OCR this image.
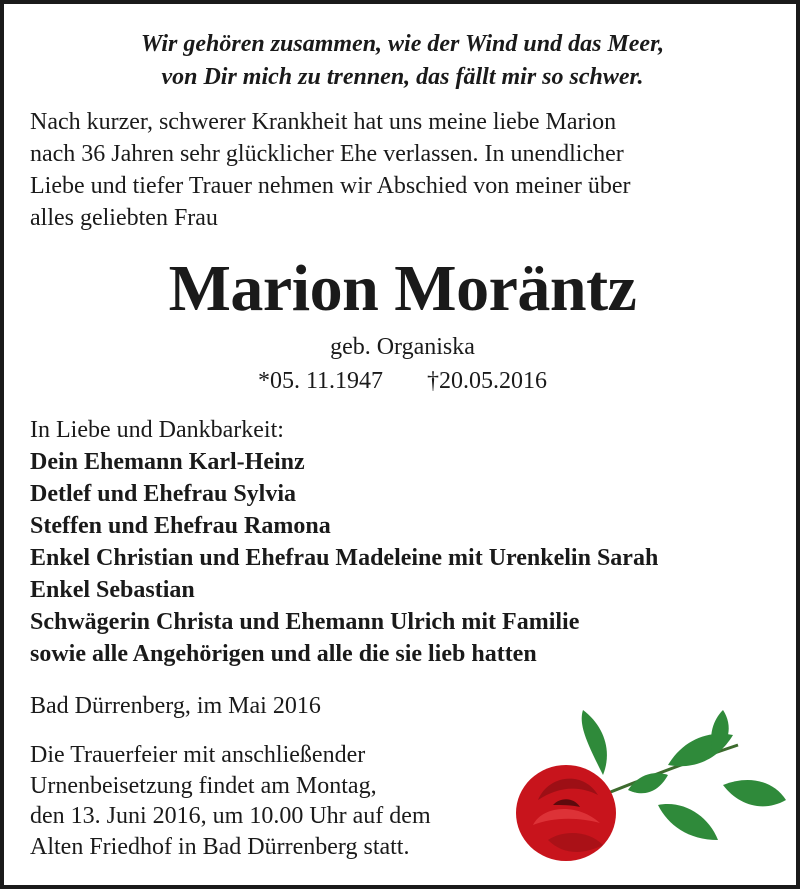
Wir gehören zusammen, wie der Wind und das Meer,
von Dir mich zu trennen, das fällt mir so schwer.
Nach kurzer, schwerer Krankheit hat uns meine liebe Marion
nach 36 Jahren sehr glücklicher Ehe verlassen. In unendlicher
Liebe und tiefer Trauer nehmen wir Abschied von meiner über
alles geliebten Frau
Marion Moräntz
geb. Organiska
*05. 11.1947 †20.05.2016
In Liebe und Dankbarkeit:
Dein Ehemann Karl-Heinz
Detlef und Ehefrau Sylvia
Steffen und Ehefrau Ramona
Enkel Christian und Ehefrau Madeleine mit Urenkelin Sarah
Enkel Sebastian
Schwägerin Christa und Ehemann Ulrich mit Familie
sowie alle Angehörigen und alle die sie lieb hatten
Bad Dürrenberg, im Mai 2016
Die Trauerfeier mit anschließender
Urnenbeisetzung findet am Montag,
den 13. Juni 2016, um 10.00 Uhr auf dem
Alten Friedhof in Bad Dürrenberg statt.
